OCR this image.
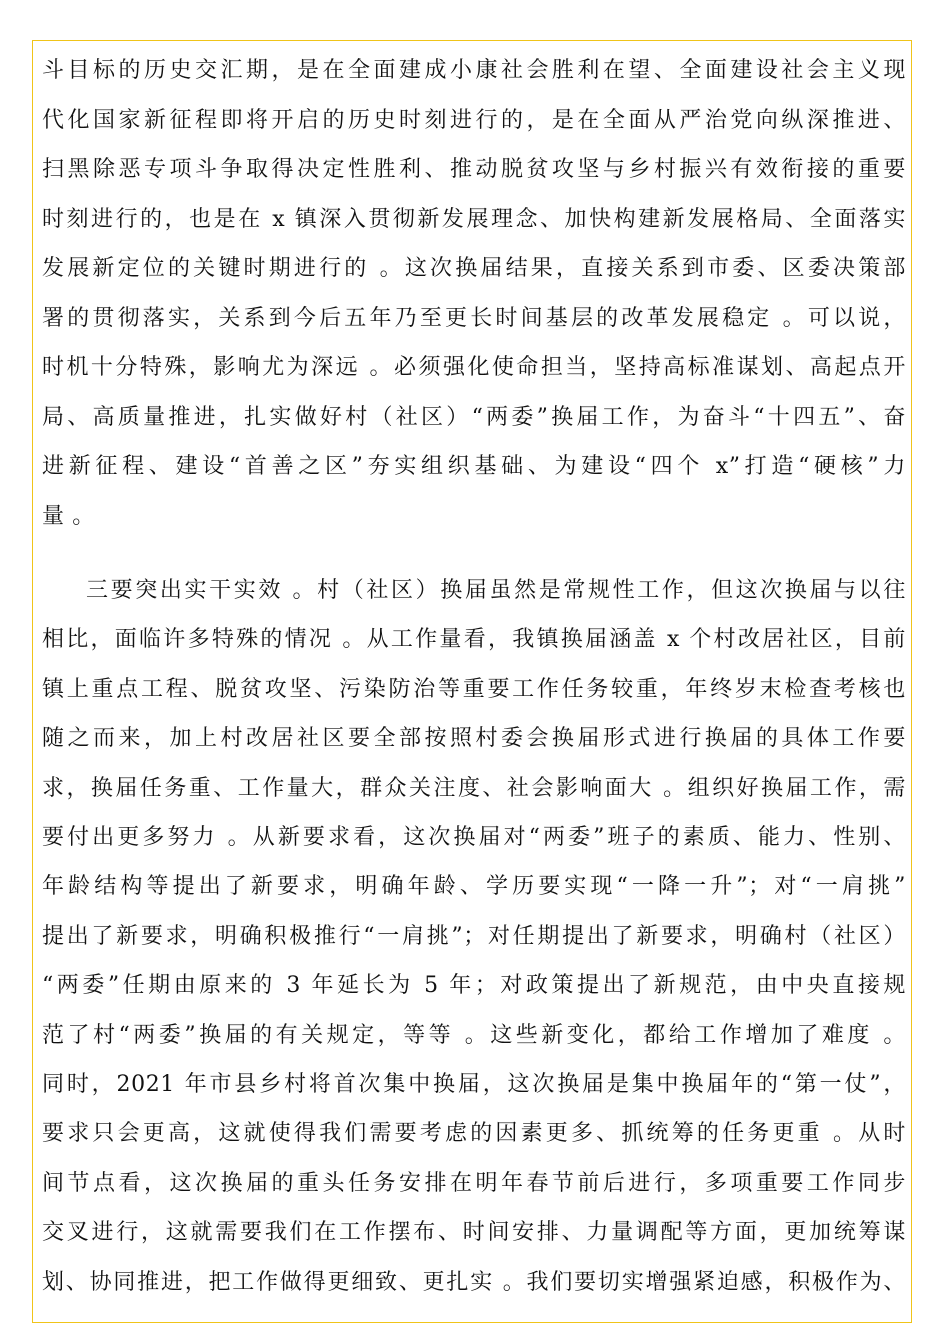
斗目标的历史交汇期，是在全面建成小康社会胜利在望、全面建设社会主义现
代化国家新征程即将开启的历史时刻进行的，是在全面从严治党向纵深推进、
扫黑除恶专项斗争取得决定性胜利、推动脱贫攻坚与乡村振兴有效衔接的重要
时刻进行的，也是在 x 镇深入贯彻新发展理念、加快构建新发展格局、全面落实
发展新定位的关键时期进行的 。这次换届结果，直接关系到市委、区委决策部
署的贯彻落实，关系到今后五年乃至更长时间基层的改革发展稳定 。可以说，
时机十分特殊，影响尤为深远 。必须强化使命担当，坚持高标准谋划、高起点开
局、高质量推进，扎实做好村（社区）“两委”换届工作，为奋斗“十四五”、奋
进新征程、建设“首善之区”夯实组织基础、为建设“四个 x”打造“硬核”力
量 。
三要突出实干实效 。村（社区）换届虽然是常规性工作，但这次换届与以往
相比，面临许多特殊的情况 。从工作量看，我镇换届涵盖 x 个村改居社区，目前
镇上重点工程、脱贫攻坚、污染防治等重要工作任务较重，年终岁末检查考核也
随之而来，加上村改居社区要全部按照村委会换届形式进行换届的具体工作要
求，换届任务重、工作量大，群众关注度、社会影响面大 。组织好换届工作，需
要付出更多努力 。从新要求看，这次换届对“两委”班子的素质、能力、性别、
年龄结构等提出了新要求，明确年龄、学历要实现“一降一升”；对“一肩挑”
提出了新要求，明确积极推行“一肩挑”；对任期提出了新要求，明确村（社区）
“两委”任期由原来的 3 年延长为 5 年；对政策提出了新规范，由中央直接规
范了村“两委”换届的有关规定，等等 。这些新变化，都给工作增加了难度 。
同时，2021 年市县乡村将首次集中换届，这次换届是集中换届年的“第一仗”，
要求只会更高，这就使得我们需要考虑的因素更多、抓统筹的任务更重 。从时
间节点看，这次换届的重头任务安排在明年春节前后进行，多项重要工作同步
交叉进行，这就需要我们在工作摆布、时间安排、力量调配等方面，更加统筹谋
划、协同推进，把工作做得更细致、更扎实 。我们要切实增强紧迫感，积极作为、
